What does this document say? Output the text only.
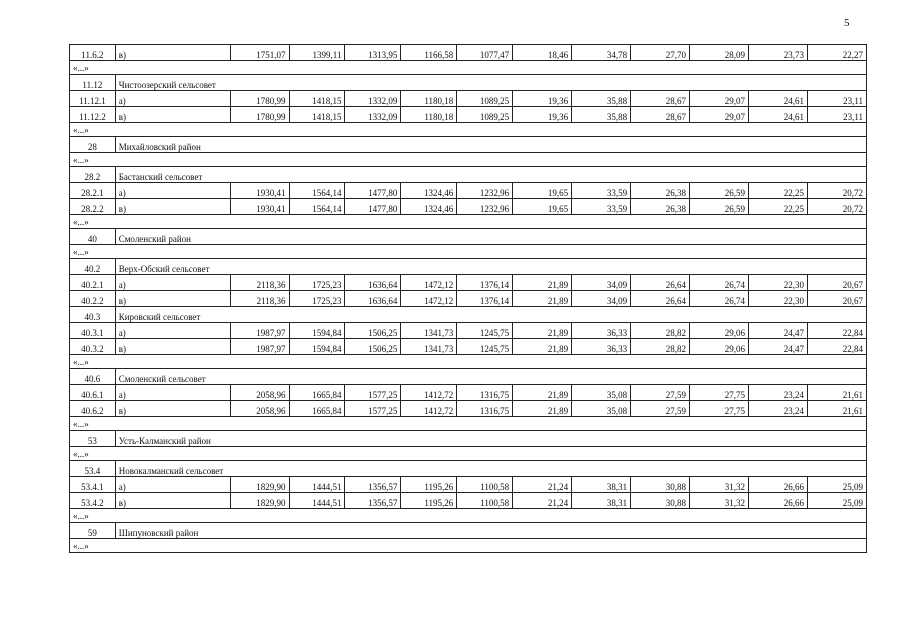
5
11.6.2	в)	1751,07	1399,11	1313,95	1166,58	1077,47	18,46	34,78	27,70	28,09	23,73	22,27
«...»												
11.12	Чистоозерский сельсовет											
11.12.1	а)	1780,99	1418,15	1332,09	1180,18	1089,25	19,36	35,88	28,67	29,07	24,61	23,11
11.12.2	в)	1780,99	1418,15	1332,09	1180,18	1089,25	19,36	35,88	28,67	29,07	24,61	23,11
«...»												
28	Михайловский район											
«...»												
28.2	Бастанский сельсовет											
28.2.1	а)	1930,41	1564,14	1477,80	1324,46	1232,96	19,65	33,59	26,38	26,59	22,25	20,72
28.2.2	в)	1930,41	1564,14	1477,80	1324,46	1232,96	19,65	33,59	26,38	26,59	22,25	20,72
«...»												
40	Смоленский район											
«...»												
40.2	Верх-Обский сельсовет											
40.2.1	а)	2118,36	1725,23	1636,64	1472,12	1376,14	21,89	34,09	26,64	26,74	22,30	20,67
40.2.2	в)	2118,36	1725,23	1636,64	1472,12	1376,14	21,89	34,09	26,64	26,74	22,30	20,67
40.3	Кировский сельсовет											
40.3.1	а)	1987,97	1594,84	1506,25	1341,73	1245,75	21,89	36,33	28,82	29,06	24,47	22,84
40.3.2	в)	1987,97	1594,84	1506,25	1341,73	1245,75	21,89	36,33	28,82	29,06	24,47	22,84
«...»												
40.6	Смоленский сельсовет											
40.6.1	а)	2058,96	1665,84	1577,25	1412,72	1316,75	21,89	35,08	27,59	27,75	23,24	21,61
40.6.2	в)	2058,96	1665,84	1577,25	1412,72	1316,75	21,89	35,08	27,59	27,75	23,24	21,61
«...»												
53	Усть-Калманский район											
«...»												
53.4	Новокалманский сельсовет											
53.4.1	а)	1829,90	1444,51	1356,57	1195,26	1100,58	21,24	38,31	30,88	31,32	26,66	25,09
53.4.2	в)	1829,90	1444,51	1356,57	1195,26	1100,58	21,24	38,31	30,88	31,32	26,66	25,09
«...»												
59	Шипуновский район											
«...»												
